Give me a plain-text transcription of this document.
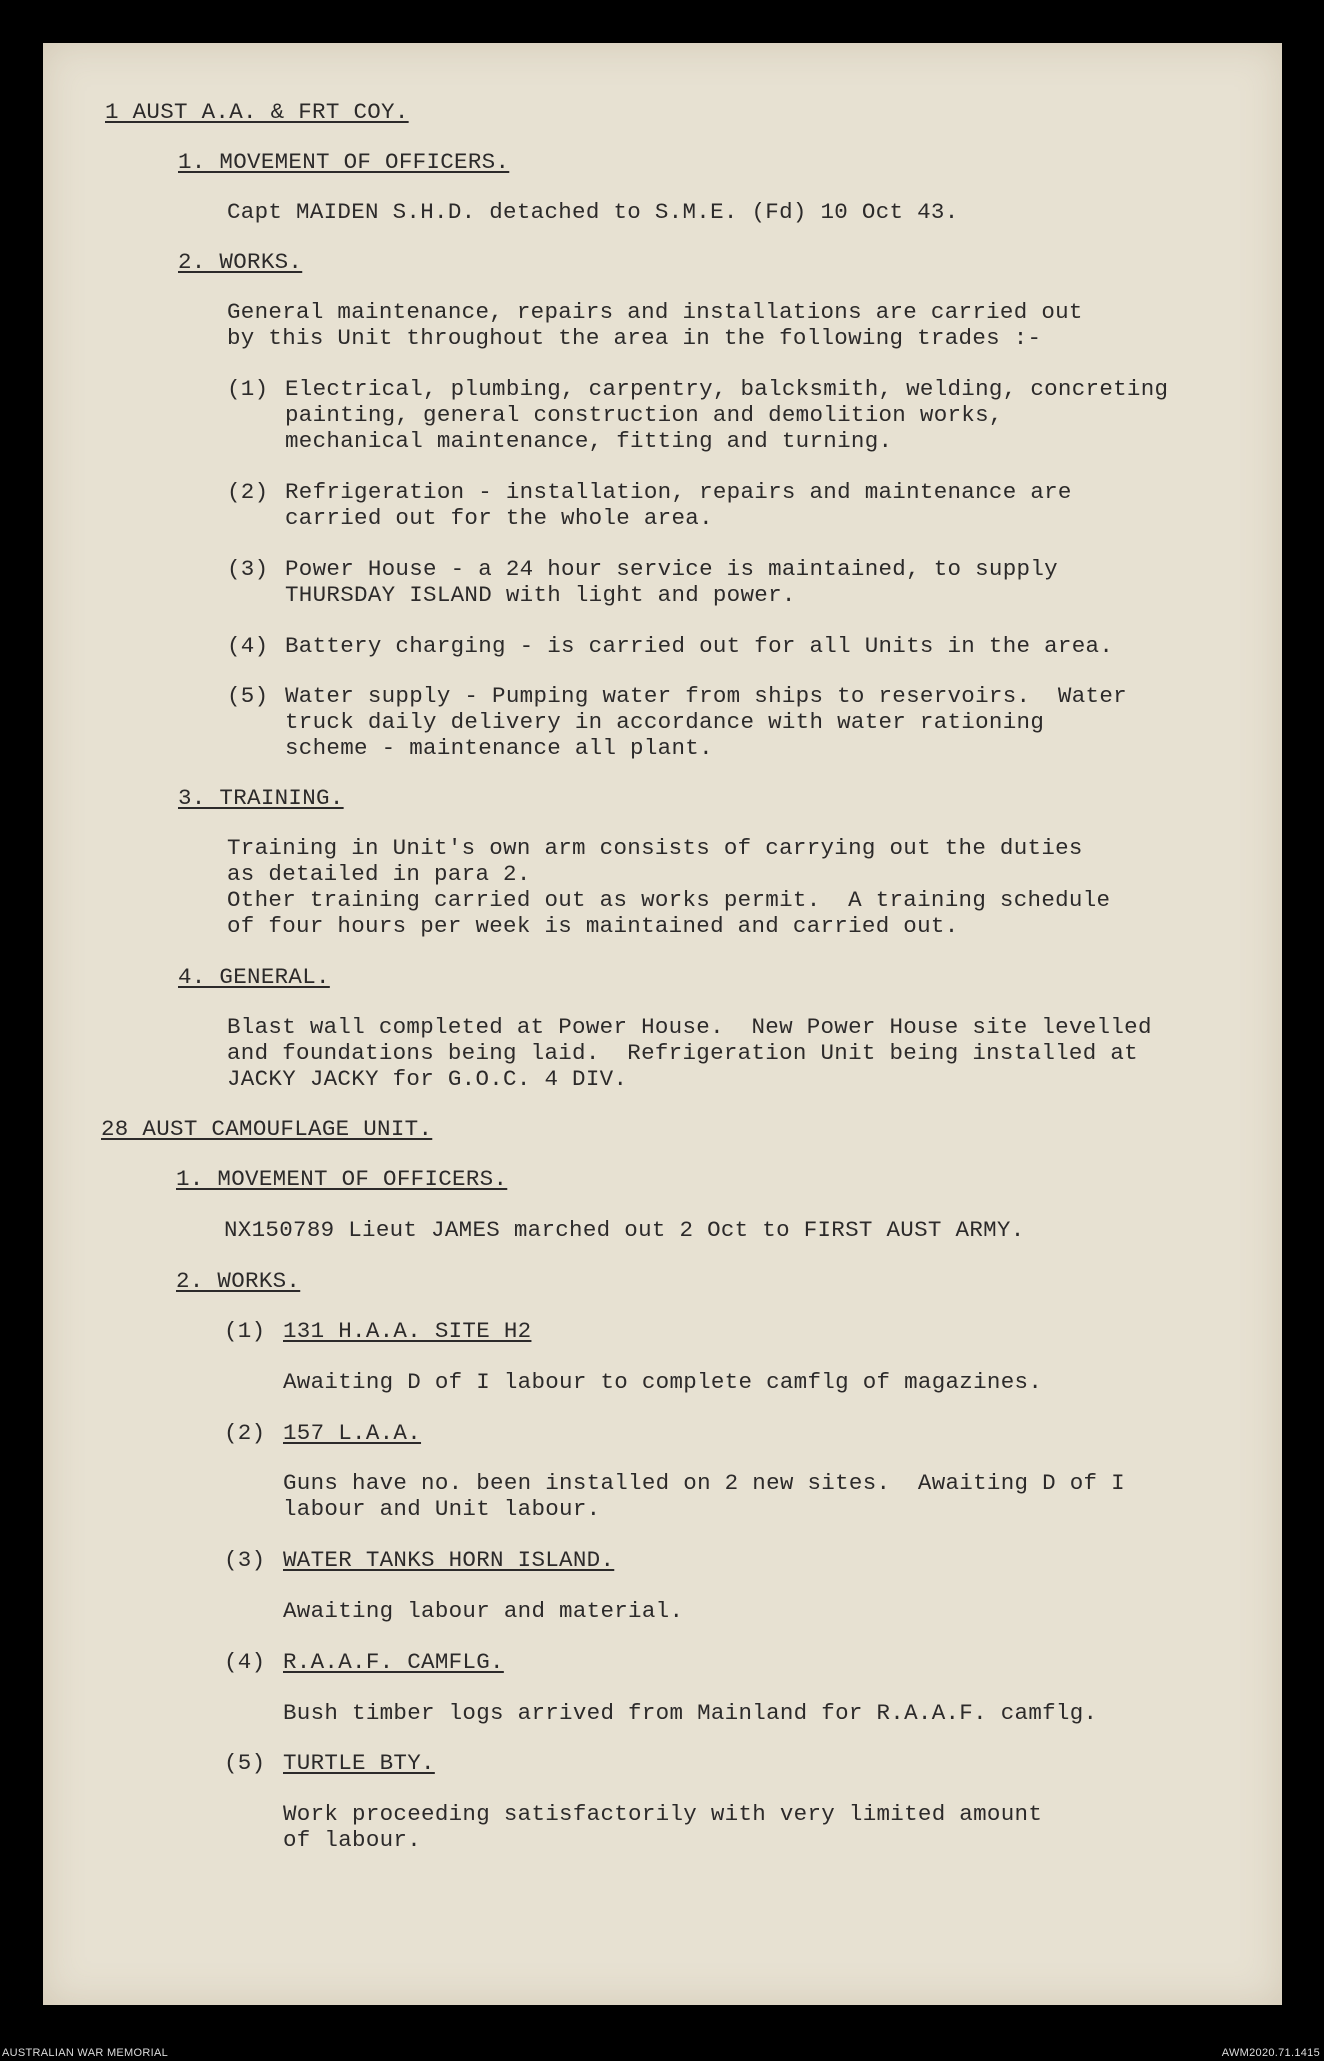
1 AUST A.A. & FRT COY.
1. MOVEMENT OF OFFICERS.
Capt MAIDEN S.H.D. detached to S.M.E. (Fd) 10 Oct 43.
2. WORKS.
General maintenance, repairs and installations are carried out
by this Unit throughout the area in the following trades :-
(1) Electrical, plumbing, carpentry, balcksmith, welding, concreting
painting, general construction and demolition works,
mechanical maintenance, fitting and turning.
(2) Refrigeration - installation, repairs and maintenance are
carried out for the whole area.
(3) Power House - a 24 hour service is maintained, to supply
THURSDAY ISLAND with light and power.
(4) Battery charging - is carried out for all Units in the area.
(5) Water supply - Pumping water from ships to reservoirs.  Water
truck daily delivery in accordance with water rationing
scheme - maintenance all plant.
3. TRAINING.
Training in Unit's own arm consists of carrying out the duties
as detailed in para 2.
Other training carried out as works permit.  A training schedule
of four hours per week is maintained and carried out.
4. GENERAL.
Blast wall completed at Power House.  New Power House site levelled
and foundations being laid.  Refrigeration Unit being installed at
JACKY JACKY for G.O.C. 4 DIV.
28 AUST CAMOUFLAGE UNIT.
1. MOVEMENT OF OFFICERS.
NX150789 Lieut JAMES marched out 2 Oct to FIRST AUST ARMY.
2. WORKS.
(1) 131 H.A.A. SITE H2
Awaiting D of I labour to complete camflg of magazines.
(2) 157 L.A.A.
Guns have no. been installed on 2 new sites.  Awaiting D of I
labour and Unit labour.
(3) WATER TANKS HORN ISLAND.
Awaiting labour and material.
(4) R.A.A.F. CAMFLG.
Bush timber logs arrived from Mainland for R.A.A.F. camflg.
(5) TURTLE BTY.
Work proceeding satisfactorily with very limited amount
of labour.
AUSTRALIAN WAR MEMORIAL	AWM2020.71.1415
